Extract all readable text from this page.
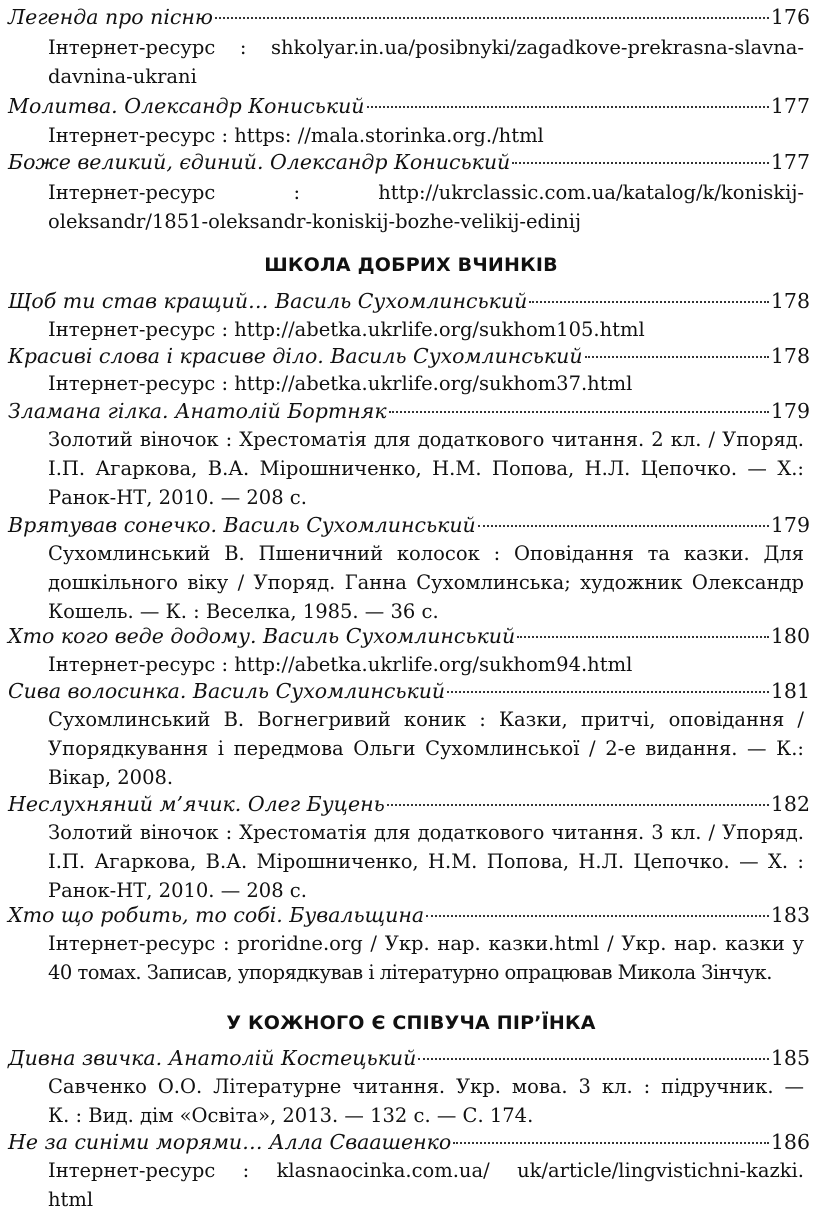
Легенда про пісню	176
Інтернет-ресурс : shkolyar.in.ua/posibnyki/zagadkove-prekrasna-slavna-
davnina-ukrani
Молитва. Олександр Кониський	177
Інтернет-ресурс : https: //mala.storinka.org./html
Боже великий, єдиний. Олександр Кониський	177
Інтернет-ресурс : http://ukrclassic.com.ua/katalog/k/koniskij-
oleksandr/1851-oleksandr-koniskij-bozhe-velikij-edinij
ШКОЛА ДОБРИХ ВЧИНКІВ
Щоб ти став кращий… Василь Сухомлинський	178
Інтернет-ресурс : http://abetka.ukrlife.org/sukhom105.html
Красиві слова і красиве діло. Василь Сухомлинський	178
Інтернет-ресурс : http://abetka.ukrlife.org/sukhom37.html
Зламана гілка. Анатолій Бортняк	179
Золотий віночок : Хрестоматія для додаткового читання. 2 кл. / Упоряд.
І.П. Агаркова, В.А. Мірошниченко, Н.М. Попова, Н.Л. Цепочко. — Х.:
Ранок-НТ, 2010. — 208 с.
Врятував сонечко. Василь Сухомлинський	179
Сухомлинський В. Пшеничний колосок : Оповідання та казки. Для
дошкільного віку / Упоряд. Ганна Сухомлинська; художник Олександр
Кошель. — К. : Веселка, 1985. — 36 с.
Хто кого веде додому. Василь Сухомлинський	180
Інтернет-ресурс : http://abetka.ukrlife.org/sukhom94.html
Сива волосинка. Василь Сухомлинський	181
Сухомлинський В. Вогнегривий коник : Казки, притчі, оповідання /
Упорядкування і передмова Ольги Сухомлинської / 2-е видання. — К.:
Вікар, 2008.
Неслухняний м’ячик. Олег Буцень	182
Золотий віночок : Хрестоматія для додаткового читання. 3 кл. / Упоряд.
І.П. Агаркова, В.А. Мірошниченко, Н.М. Попова, Н.Л. Цепочко. — Х. :
Ранок-НТ, 2010. — 208 с.
Хто що робить, то собі. Бувальщина	183
Інтернет-ресурс : proridne.org / Укр. нар. казки.html / Укр. нар. казки у
40 томах. Записав, упорядкував і літературно опрацював Микола Зінчук.
У КОЖНОГО Є СПІВУЧА ПІР’ЇНКА
Дивна звичка. Анатолій Костецький	185
Савченко О.О. Літературне читання. Укр. мова. 3 кл. : підручник. —
К. : Вид. дім «Освіта», 2013. — 132 с. — С. 174.
Не за синіми морями… Алла Сваашенко	186
Інтернет-ресурс : klasnaocinka.com.ua/ uk/article/lingvistichni-kazki.
html
